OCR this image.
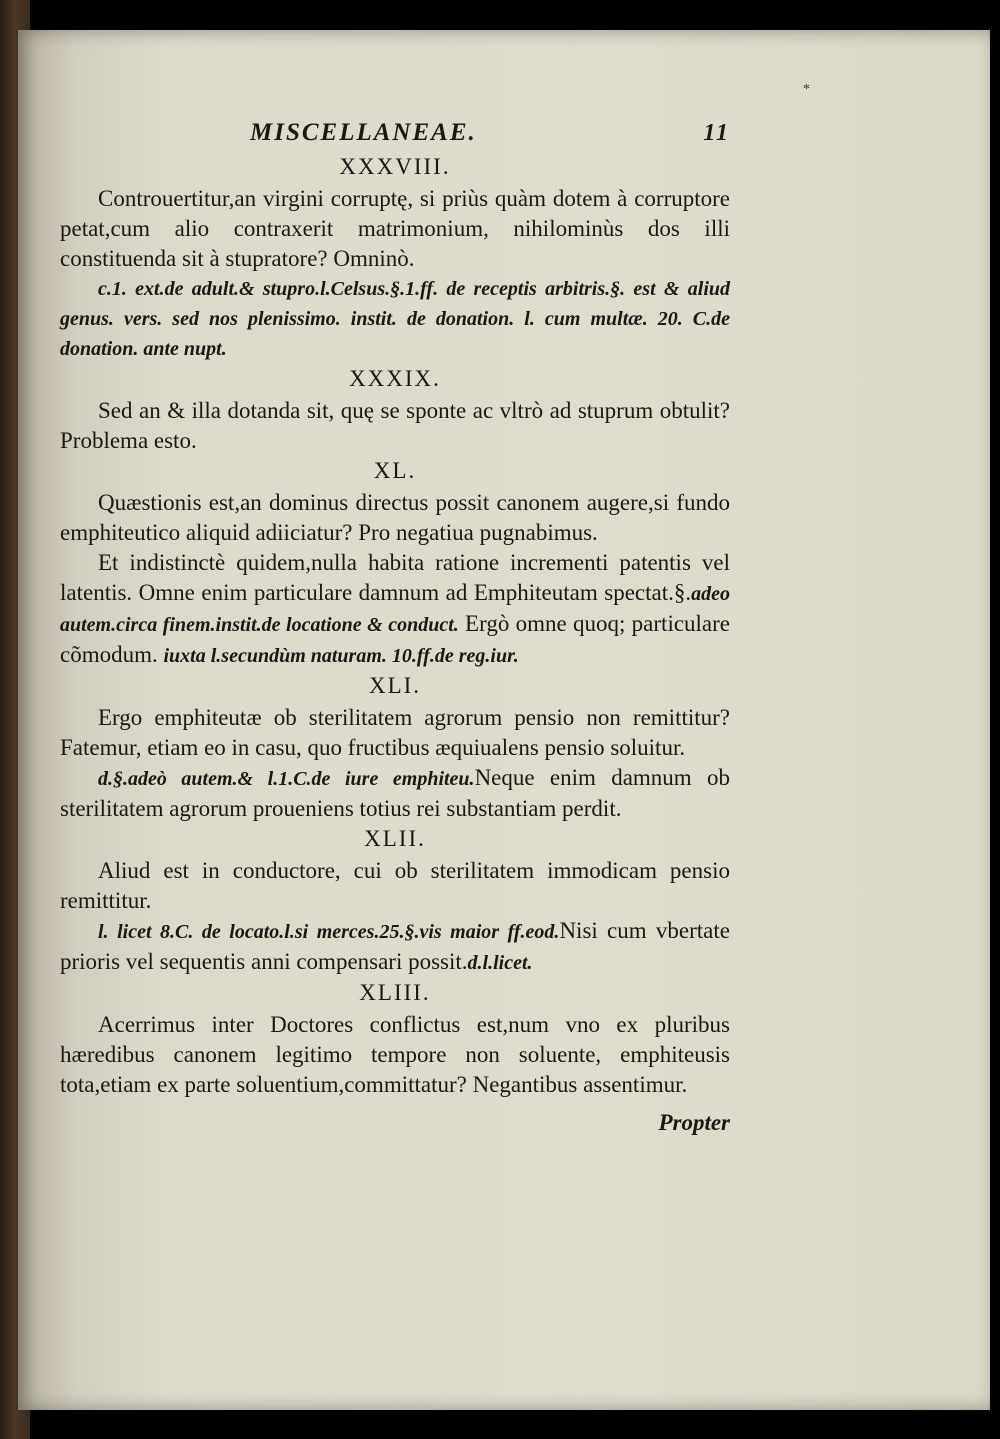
*
MISCELLANEAE.	11
XXXVIII.

Controuertitur,an virgini corruptę, si priùs quàm dotem à corruptore petat,cum alio contraxerit matrimonium, nihilominùs dos illi constituenda sit à stupratore? Omninò.

c.1. ext.de adult.& stupro.l.Celsus.§.1.ff. de receptis arbitris.§. est & aliud genus. vers. sed nos plenissimo. instit. de donation. l. cum multæ. 20. C.de donation. ante nupt.

XXXIX.

Sed an & illa dotanda sit, quę se sponte ac vltrò ad stuprum obtulit?Problema esto.

XL.

Quæstionis est,an dominus directus possit canonem augere,si fundo emphiteutico aliquid adiiciatur? Pro negatiua pugnabimus.

Et indistinctè quidem,nulla habita ratione incrementi patentis vel latentis. Omne enim particulare damnum ad Emphiteutam spectat.§.adeo autem.circa finem.instit.de locatione & conduct. Ergò omne quoq; particulare cõmodum. iuxta l.secundùm naturam. 10.ff.de reg.iur.

XLI.

Ergo emphiteutæ ob sterilitatem agrorum pensio non remittitur?Fatemur, etiam eo in casu, quo fructibus æquiualens pensio soluitur.

d.§.adeò autem.& l.1.C.de iure emphiteu.Neque enim damnum ob sterilitatem agrorum proueniens totius rei substantiam perdit.

XLII.

Aliud est in conductore, cui ob sterilitatem immodicam pensio remittitur.

l. licet 8.C. de locato.l.si merces.25.§.vis maior ff.eod.Nisi cum vbertate prioris vel sequentis anni compensari possit.d.l.licet.

XLIII.

Acerrimus inter Doctores conflictus est,num vno ex pluribus hæredibus canonem legitimo tempore non soluente, emphiteusis tota,etiam ex parte soluentium,committatur? Negantibus assentimur.

Propter
